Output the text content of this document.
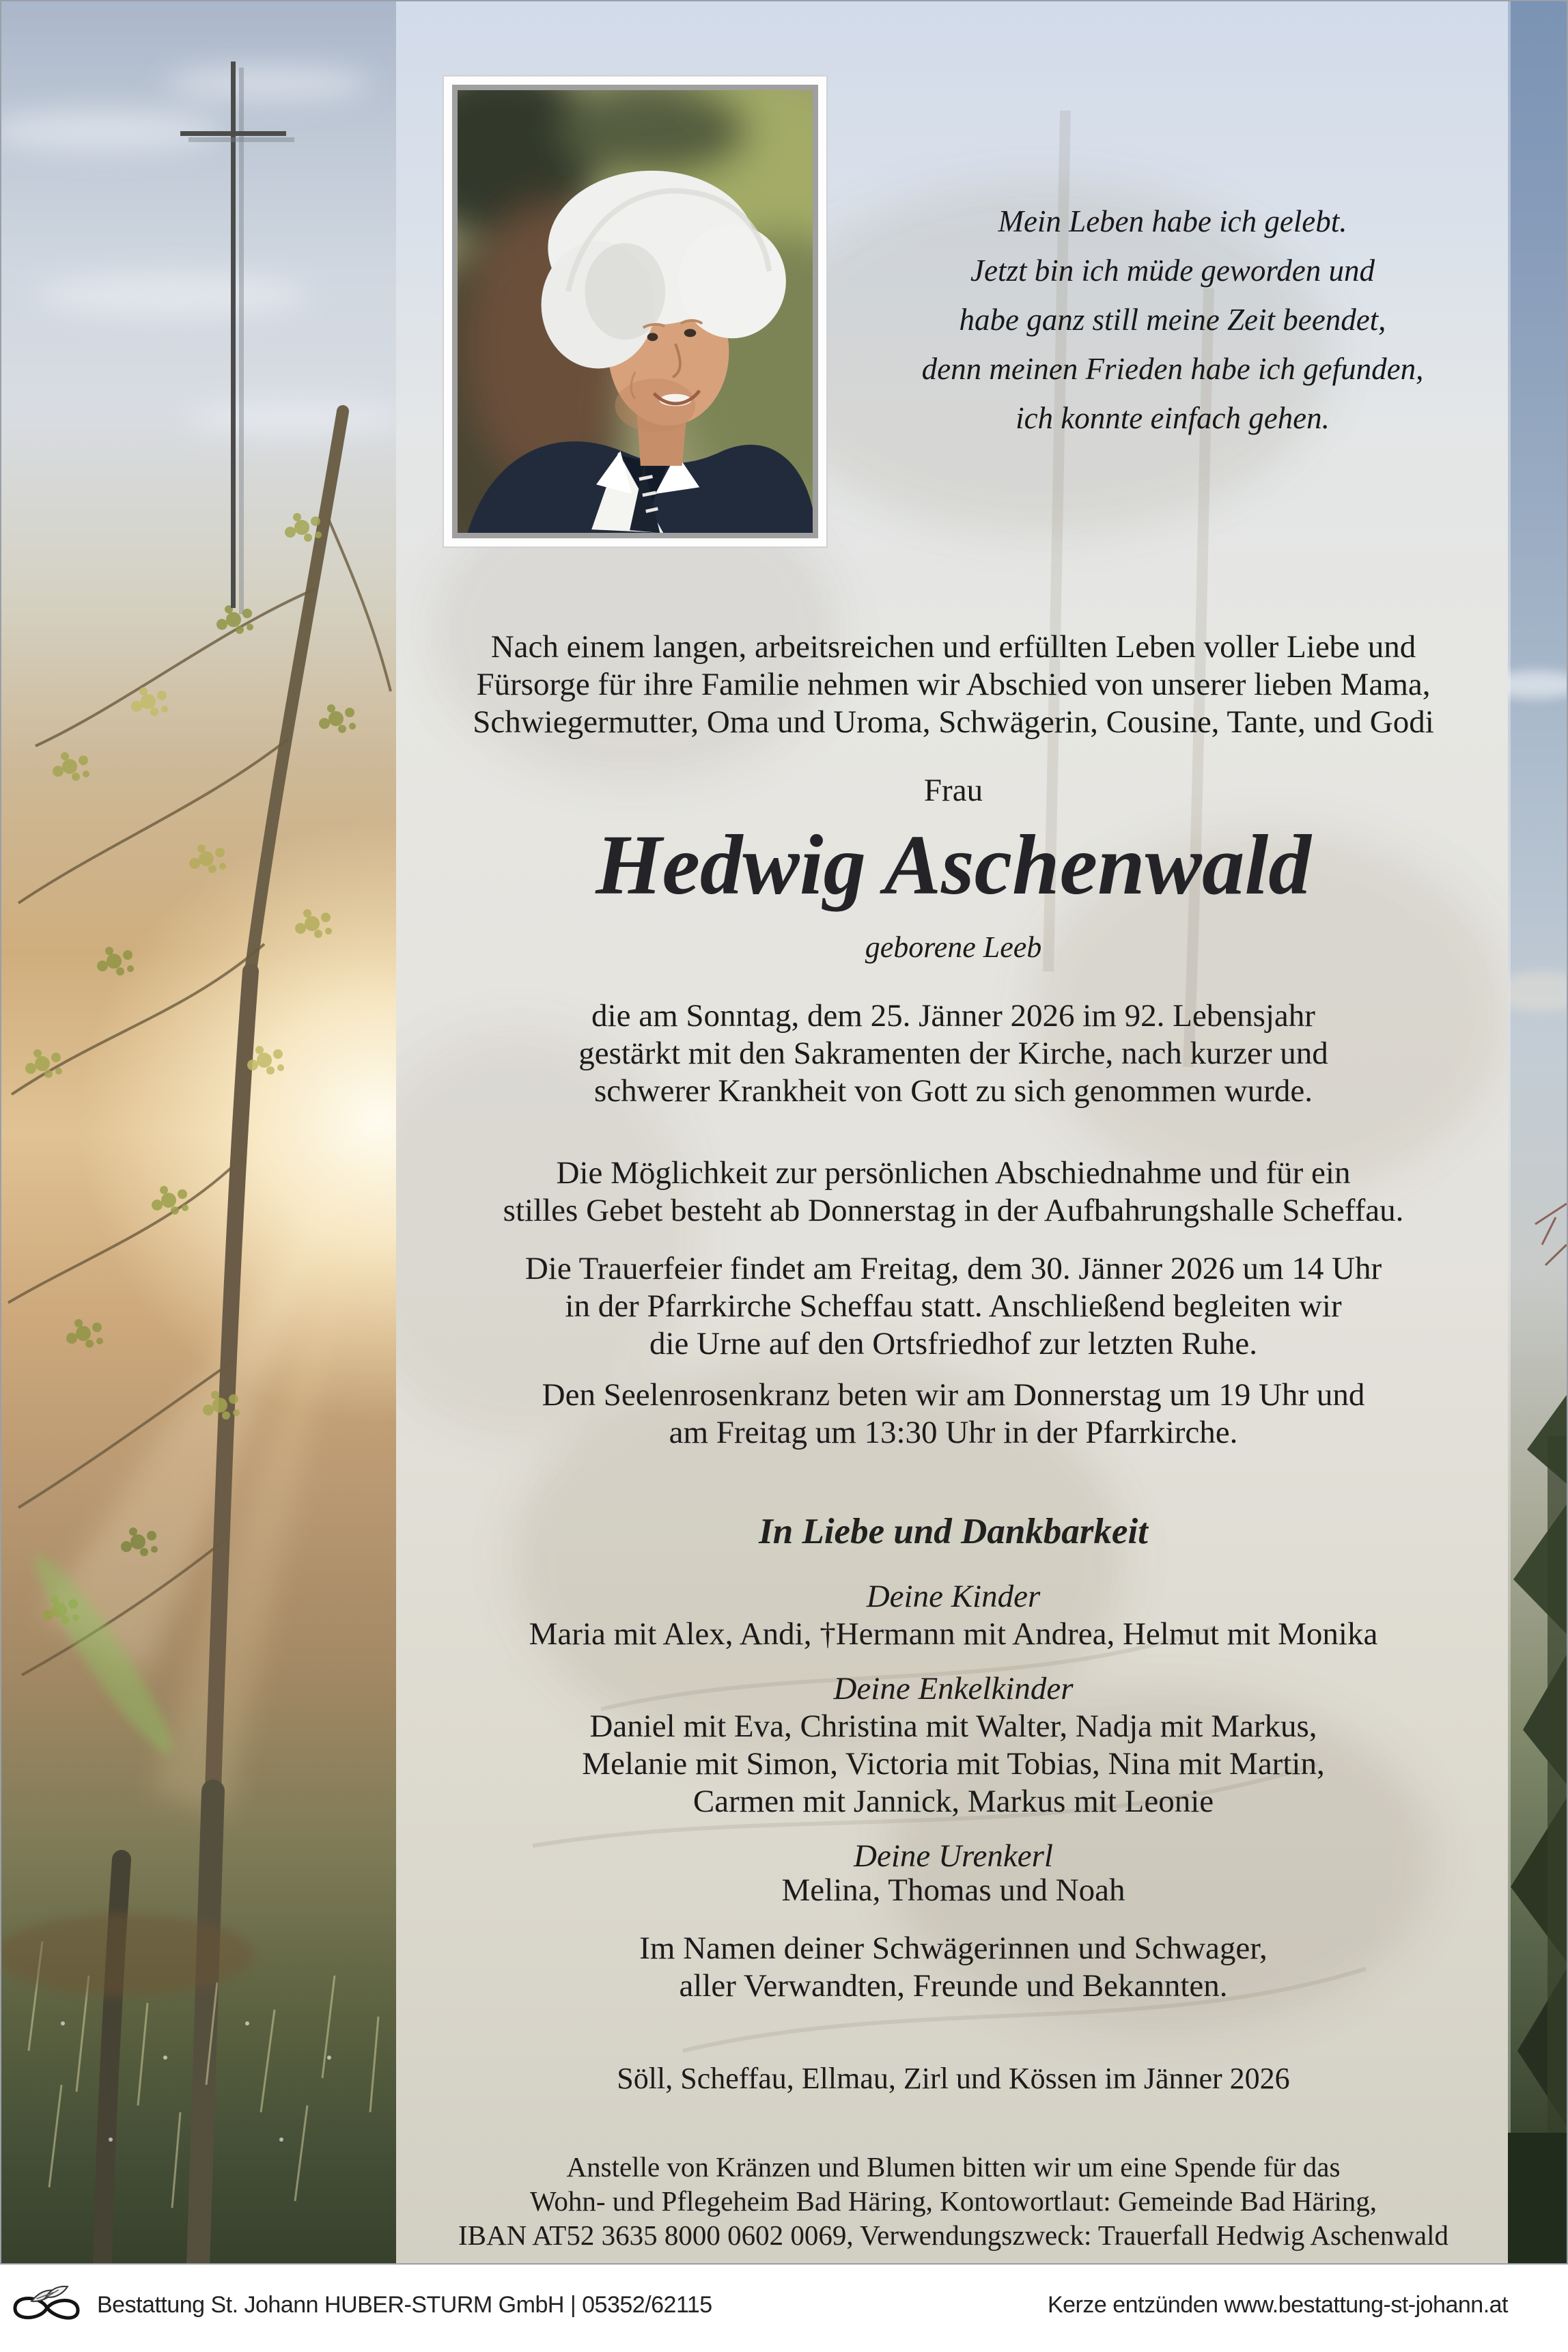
Mein Leben habe ich gelebt.
Jetzt bin ich müde geworden und
habe ganz still meine Zeit beendet,
denn meinen Frieden habe ich gefunden,
ich konnte einfach gehen.
Nach einem langen, arbeitsreichen und erfüllten Leben voller Liebe und
Fürsorge für ihre Familie nehmen wir Abschied von unserer lieben Mama,
Schwiegermutter, Oma und Uroma, Schwägerin, Cousine, Tante, und Godi
Frau
Hedwig Aschenwald
geborene Leeb
die am Sonntag, dem 25. Jänner 2026 im 92. Lebensjahr
gestärkt mit den Sakramenten der Kirche, nach kurzer und
schwerer Krankheit von Gott zu sich genommen wurde.
Die Möglichkeit zur persönlichen Abschiednahme und für ein
stilles Gebet besteht ab Donnerstag in der Aufbahrungshalle Scheffau.
Die Trauerfeier findet am Freitag, dem 30. Jänner 2026 um 14 Uhr
in der Pfarrkirche Scheffau statt. Anschließend begleiten wir
die Urne auf den Ortsfriedhof zur letzten Ruhe.
Den Seelenrosenkranz beten wir am Donnerstag um 19 Uhr und
am Freitag um 13:30 Uhr in der Pfarrkirche.
In Liebe und Dankbarkeit
Deine Kinder
Maria mit Alex, Andi, †Hermann mit Andrea, Helmut mit Monika
Deine Enkelkinder
Daniel mit Eva, Christina mit Walter, Nadja mit Markus,
Melanie mit Simon, Victoria mit Tobias, Nina mit Martin,
Carmen mit Jannick, Markus mit Leonie
Deine Urenkerl
Melina, Thomas und Noah
Im Namen deiner Schwägerinnen und Schwager,
aller Verwandten, Freunde und Bekannten.
Söll, Scheffau, Ellmau, Zirl und Kössen im Jänner 2026
Anstelle von Kränzen und Blumen bitten wir um eine Spende für das
Wohn- und Pflegeheim Bad Häring, Kontowortlaut: Gemeinde Bad Häring,
IBAN AT52 3635 8000 0602 0069, Verwendungszweck: Trauerfall Hedwig Aschenwald
Bestattung St. Johann HUBER-STURM GmbH | 05352/62115	Kerze entzünden www.bestattung-st-johann.at
